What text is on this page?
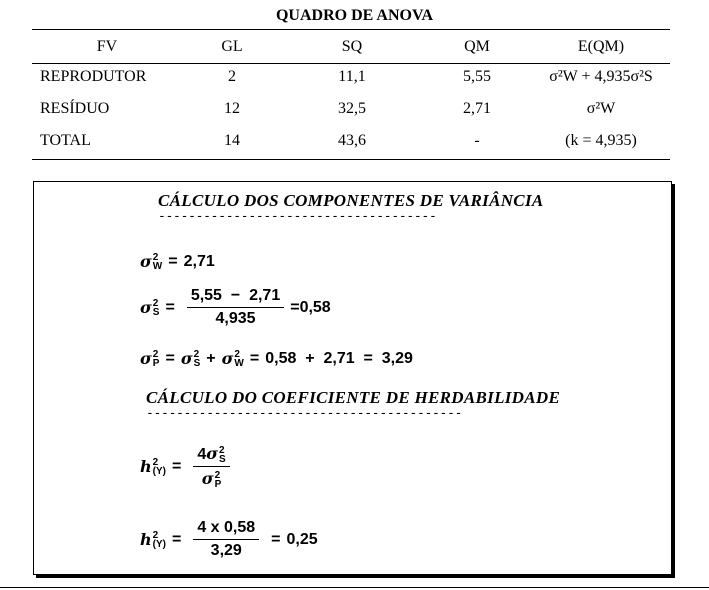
QUADRO DE ANOVA
FV	GL	SQ	QM	E(QM)
REPRODUTOR	2	11,1	5,55	σ²W + 4,935σ²S
RESÍDUO	12	32,5	2,71	σ²W
TOTAL	14	43,6	-	(k = 4,935)
CÁLCULO DOS COMPONENTES DE VARIÂNCIA
-------------------------------------
σ 2
W = 2,71
σ 2
$S = \frac{5,55 - 2,71}{4,935} =0,58$
σ 2
P = σ 2
S + σ 2
W = 0,58  +  2,71  =  3,29
CÁLCULO DO COEFICIENTE DE HERDABILIDADE
------------------------------------------
h 2
(Y) = 4σ 2
S
σ 2
P
h 2
$(Y) = \frac{4 x 0,58}{3,29} = 0,25$
